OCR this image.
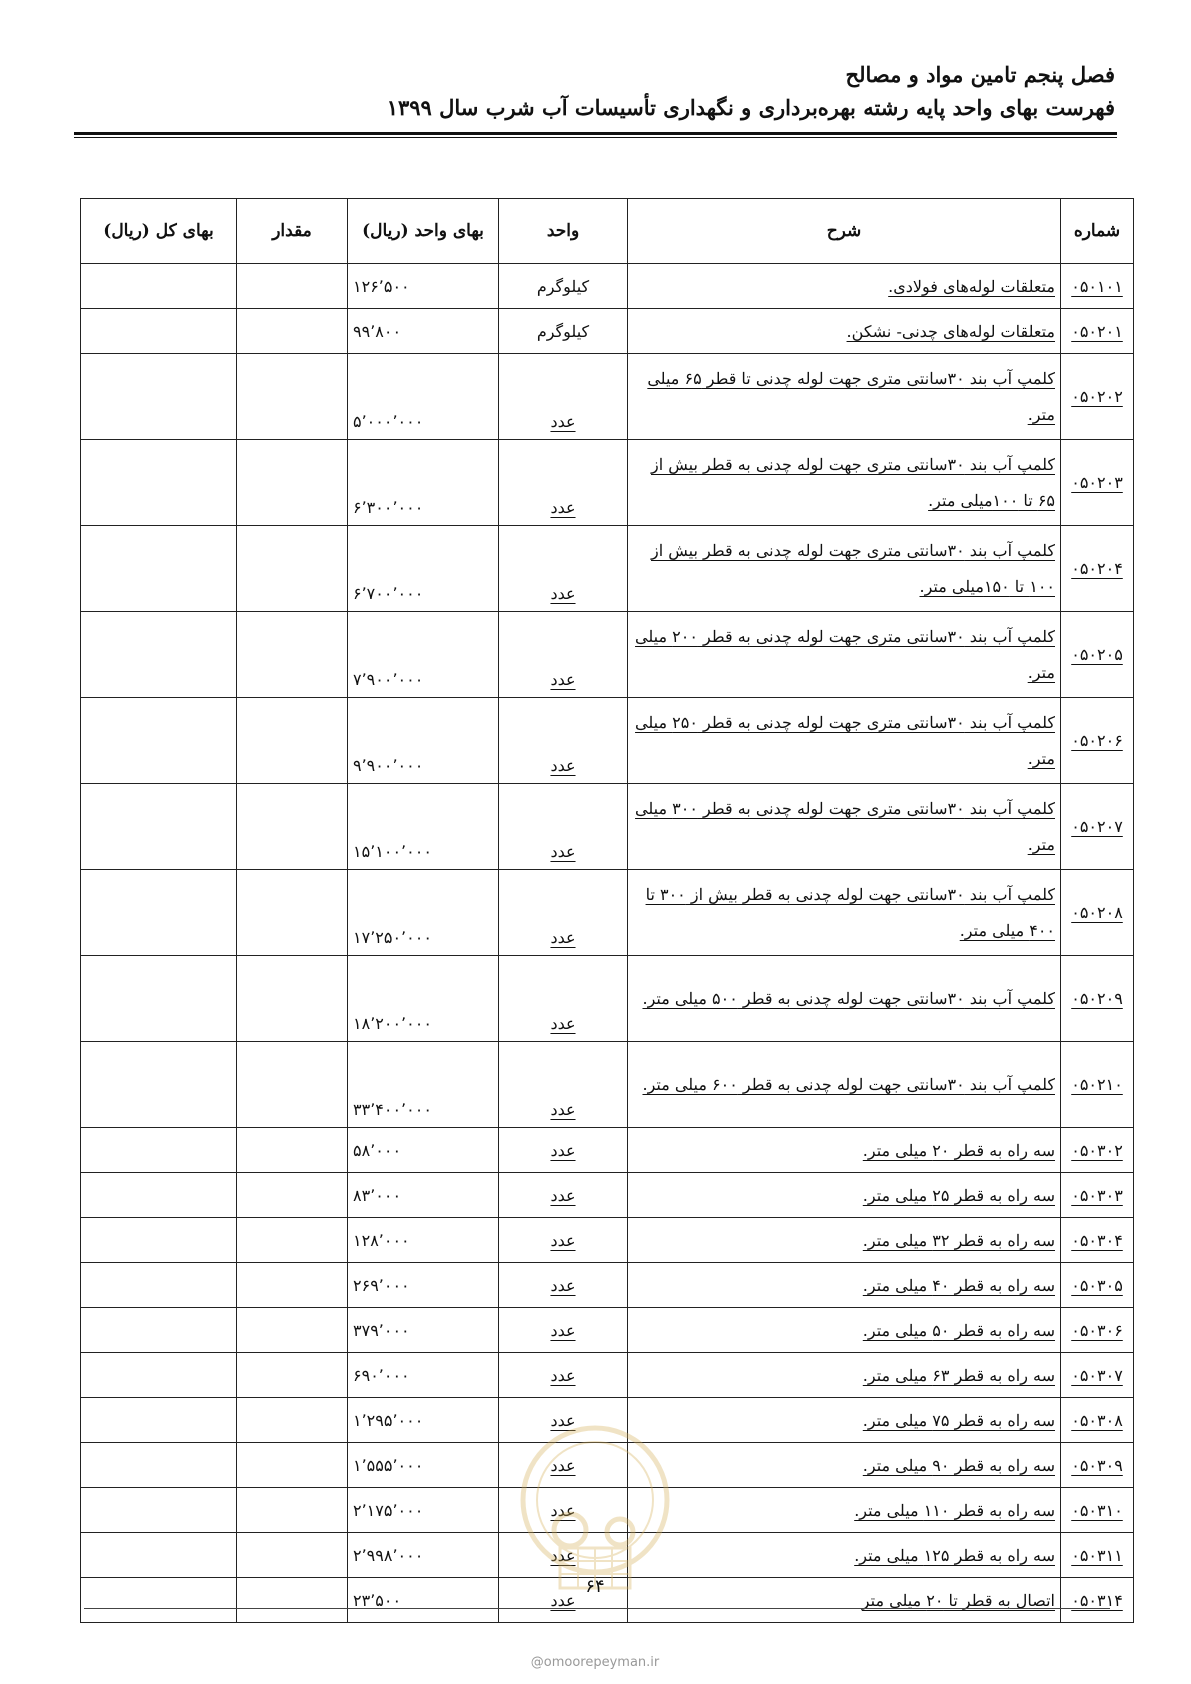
فصل پنجم تامین مواد و مصالح
فهرست بهای واحد پایه رشته بهره‌برداری و نگهداری تأسیسات آب شرب سال ۱۳۹۹
شماره	شرح	واحد	بهای واحد (ریال)	مقدار	بهای کل (ریال)
۰۵۰۱۰۱	متعلقات لوله‌های فولادی.	کیلوگرم	۱۲۶٬۵۰۰		
۰۵۰۲۰۱	متعلقات لوله‌های چدنی- نشکن.	کیلوگرم	۹۹٬۸۰۰		
۰۵۰۲۰۲	کلمپ آب بند ۳۰سانتی متری جهت لوله چدنی تا قطر ۶۵ میلی متر.	عدد	۵٬۰۰۰٬۰۰۰		
۰۵۰۲۰۳	کلمپ آب بند ۳۰سانتی متری جهت لوله چدنی به قطر بیش از ۶۵ تا ۱۰۰میلی متر.	عدد	۶٬۳۰۰٬۰۰۰		
۰۵۰۲۰۴	کلمپ آب بند ۳۰سانتی متری جهت لوله چدنی به قطر بیش از ۱۰۰ تا ۱۵۰میلی متر.	عدد	۶٬۷۰۰٬۰۰۰		
۰۵۰۲۰۵	کلمپ آب بند ۳۰سانتی متری جهت لوله چدنی به قطر ۲۰۰ میلی متر.	عدد	۷٬۹۰۰٬۰۰۰		
۰۵۰۲۰۶	کلمپ آب بند ۳۰سانتی متری جهت لوله چدنی به قطر ۲۵۰ میلی متر.	عدد	۹٬۹۰۰٬۰۰۰		
۰۵۰۲۰۷	کلمپ آب بند ۳۰سانتی متری جهت لوله چدنی به قطر ۳۰۰ میلی متر.	عدد	۱۵٬۱۰۰٬۰۰۰		
۰۵۰۲۰۸	کلمپ آب بند ۳۰سانتی جهت لوله چدنی به قطر بیش از ۳۰۰ تا ۴۰۰ میلی متر.	عدد	۱۷٬۲۵۰٬۰۰۰		
۰۵۰۲۰۹	کلمپ آب بند ۳۰سانتی جهت لوله چدنی به قطر ۵۰۰ میلی متر.	عدد	۱۸٬۲۰۰٬۰۰۰		
۰۵۰۲۱۰	کلمپ آب بند ۳۰سانتی جهت لوله چدنی به قطر ۶۰۰ میلی متر.	عدد	۳۳٬۴۰۰٬۰۰۰		
۰۵۰۳۰۲	سه راه به قطر ۲۰ میلی متر.	عدد	۵۸٬۰۰۰		
۰۵۰۳۰۳	سه راه به قطر ۲۵ میلی متر.	عدد	۸۳٬۰۰۰		
۰۵۰۳۰۴	سه راه به قطر ۳۲ میلی متر.	عدد	۱۲۸٬۰۰۰		
۰۵۰۳۰۵	سه راه به قطر ۴۰ میلی متر.	عدد	۲۶۹٬۰۰۰		
۰۵۰۳۰۶	سه راه به قطر ۵۰ میلی متر.	عدد	۳۷۹٬۰۰۰		
۰۵۰۳۰۷	سه راه به قطر ۶۳ میلی متر.	عدد	۶۹۰٬۰۰۰		
۰۵۰۳۰۸	سه راه به قطر ۷۵ میلی متر.	عدد	۱٬۲۹۵٬۰۰۰		
۰۵۰۳۰۹	سه راه به قطر ۹۰ میلی متر.	عدد	۱٬۵۵۵٬۰۰۰		
۰۵۰۳۱۰	سه راه به قطر ۱۱۰ میلی متر.	عدد	۲٬۱۷۵٬۰۰۰		
۰۵۰۳۱۱	سه راه به قطر ۱۲۵ میلی متر.	عدد	۲٬۹۹۸٬۰۰۰		
۰۵۰۳۱۴	اتصال به قطر تا ۲۰ میلی متر	عدد	۲۳٬۵۰۰		
۶۴
@omoorepeyman.ir
